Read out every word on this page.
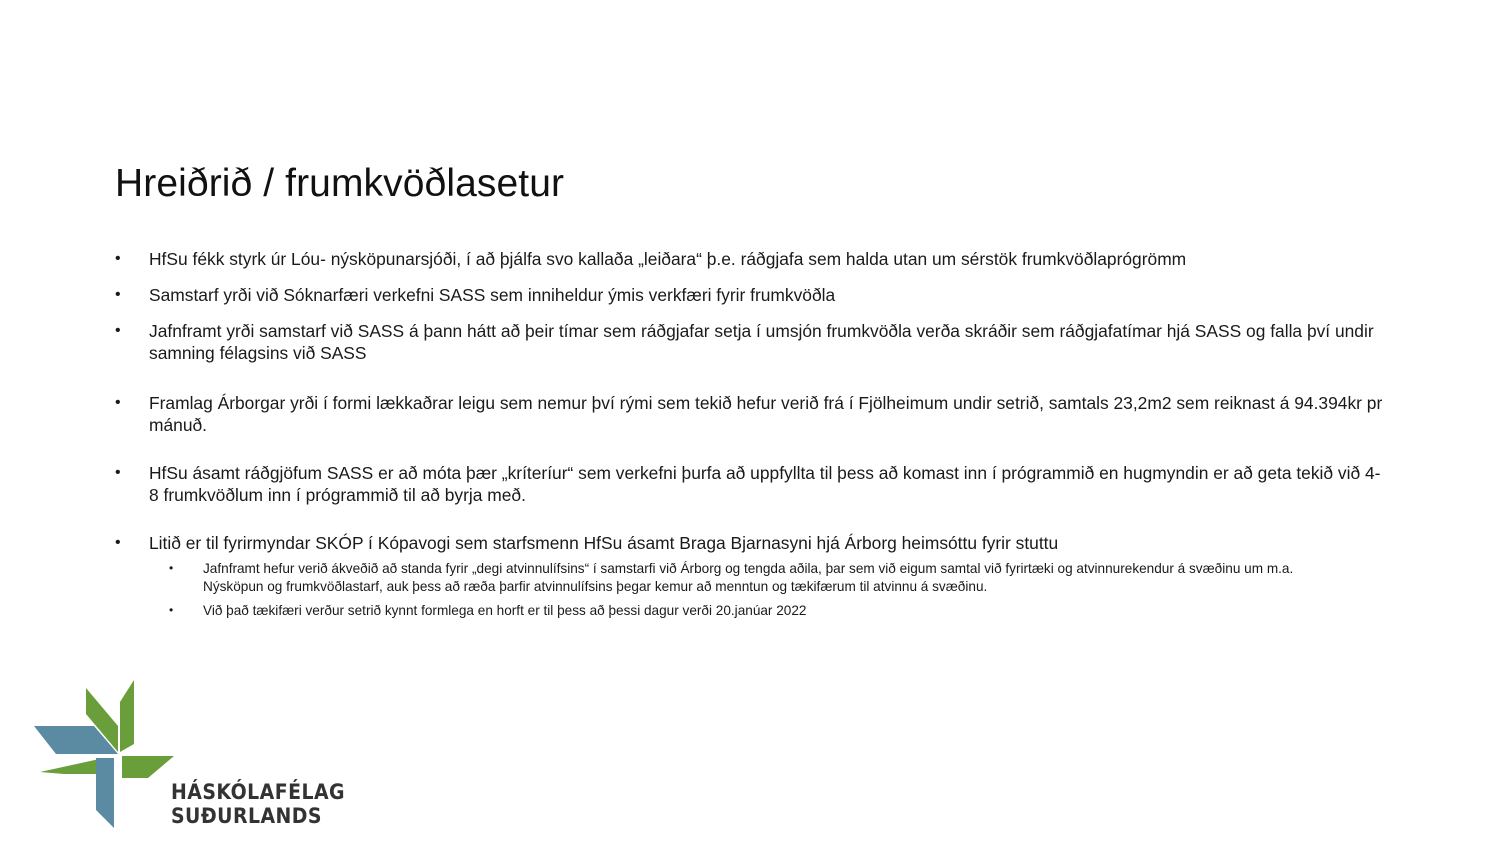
Hreiðrið / frumkvöðlasetur
• HfSu fékk styrk úr Lóu- nýsköpunarsjóði, í að þjálfa svo kallaða „leiðara“ þ.e. ráðgjafa sem halda utan um sérstök frumkvöðlaprógrömm
• Samstarf yrði við Sóknarfæri verkefni SASS sem inniheldur ýmis verkfæri fyrir frumkvöðla
• Jafnframt yrði samstarf við SASS á þann hátt að þeir tímar sem ráðgjafar setja í umsjón frumkvöðla verða skráðir sem ráðgjafatímar hjá SASS og falla því undir samning félagsins við SASS
• Framlag Árborgar yrði í formi lækkaðrar leigu sem nemur því rými sem tekið hefur verið frá í Fjölheimum undir setrið, samtals 23,2m2 sem reiknast á 94.394kr pr mánuð.
• HfSu ásamt ráðgjöfum SASS er að móta þær „kríteríur“ sem verkefni þurfa að uppfyllta til þess að komast inn í prógrammið en hugmyndin er að geta tekið við 4-8 frumkvöðlum inn í prógrammið til að byrja með.
• Litið er til fyrirmyndar SKÓP í Kópavogi sem starfsmenn HfSu ásamt Braga Bjarnasyni hjá Árborg heimsóttu fyrir stuttu
• Jafnframt hefur verið ákveðið að standa fyrir „degi atvinnulífsins“ í samstarfi við Árborg og tengda aðila, þar sem við eigum samtal við fyrirtæki og atvinnurekendur á svæðinu um m.a. Nýsköpun og frumkvöðlastarf, auk þess að ræða þarfir atvinnulífsins þegar kemur að menntun og tækifærum til atvinnu á svæðinu.
• Við það tækifæri verður setrið kynnt formlega en horft er til þess að þessi dagur verði 20.janúar 2022
HÁSKÓLAFÉLAG
SUÐURLANDS
